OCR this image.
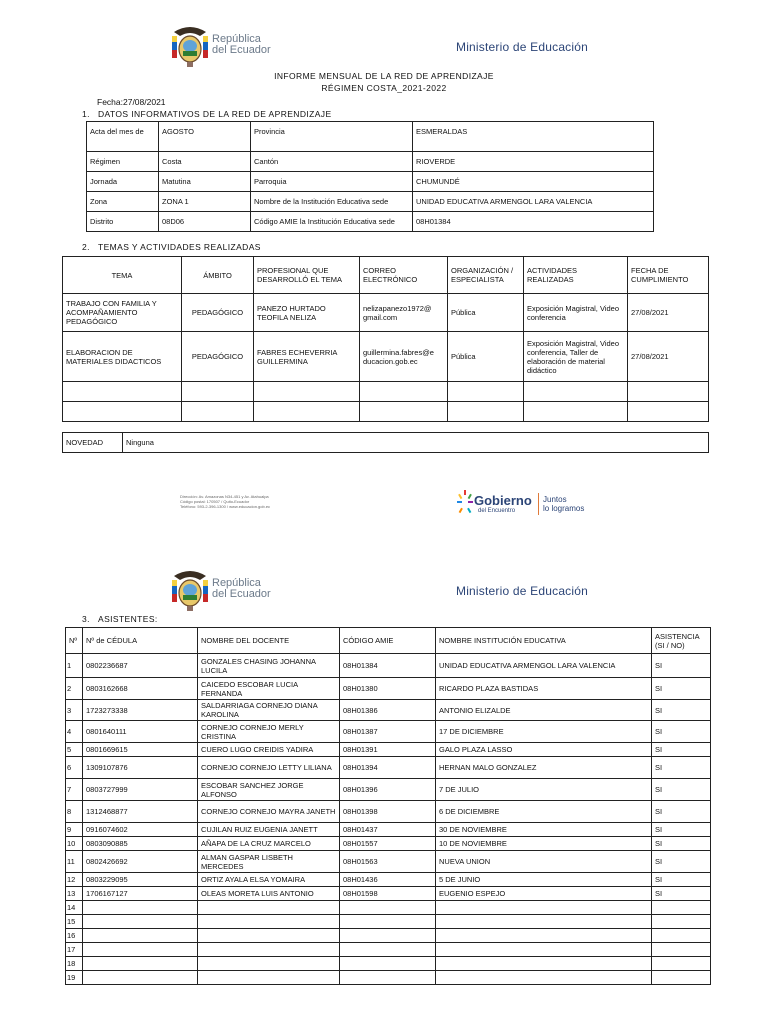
República
del Ecuador	Ministerio de Educación
INFORME MENSUAL DE LA RED DE APRENDIZAJE
RÉGIMEN COSTA_2021-2022
Fecha:27/08/2021
1. DATOS INFORMATIVOS DE LA RED DE APRENDIZAJE
Acta del mes de	AGOSTO	Provincia	ESMERALDAS
Régimen	Costa	Cantón	RIOVERDE
Jornada	Matutina	Parroquia	CHUMUNDÉ
Zona	ZONA 1	Nombre de la Institución Educativa sede	UNIDAD EDUCATIVA ARMENGOL LARA VALENCIA
Distrito	08D06	Código AMIE la Institución Educativa sede	08H01384
2. TEMAS Y ACTIVIDADES REALIZADAS
TEMA	ÁMBITO	PROFESIONAL QUE DESARROLLÓ EL TEMA	CORREO ELECTRÓNICO	ORGANIZACIÓN / ESPECIALISTA	ACTIVIDADES REALIZADAS	FECHA DE CUMPLIMIENTO
TRABAJO CON FAMILIA Y ACOMPAÑAMIENTO PEDAGÓGICO	PEDAGÓGICO	PANEZO HURTADO TEOFILA NELIZA	nelizapanezo1972@ gmail.com	Pública	Exposición Magistral, Video conferencia	27/08/2021
ELABORACION DE MATERIALES DIDACTICOS	PEDAGÓGICO	FABRES ECHEVERRIA GUILLERMINA	guillermina.fabres@e ducacion.gob.ec	Pública	Exposición Magistral, Video conferencia, Taller de elaboración de material didáctico	27/08/2021

NOVEDAD	Ninguna
Dirección: Av. Amazonas N34-451 y Av. Atahualpa
Código postal: 170507 / Quito-Ecuador
Teléfono: 593-2-396-1300 / www.educacion.gob.ec	Gobierno
del Encuentro
Juntos
lo logramos
República
del Ecuador	Ministerio de Educación
3. ASISTENTES:
Nº	Nº de CÉDULA	NOMBRE DEL DOCENTE	CÓDIGO AMIE	NOMBRE INSTITUCIÓN EDUCATIVA	ASISTENCIA (SI / NO)
1	0802236687	GONZALES CHASING JOHANNA LUCILA	08H01384	UNIDAD EDUCATIVA ARMENGOL LARA VALENCIA	SI
2	0803162668	CAICEDO ESCOBAR LUCIA FERNANDA	08H01380	RICARDO PLAZA BASTIDAS	SI
3	1723273338	SALDARRIAGA CORNEJO DIANA KAROLINA	08H01386	ANTONIO ELIZALDE	SI
4	0801640111	CORNEJO CORNEJO MERLY CRISTINA	08H01387	17 DE DICIEMBRE	SI
5	0801669615	CUERO LUGO CREIDIS YADIRA	08H01391	GALO PLAZA LASSO	SI
6	1309107876	CORNEJO CORNEJO LETTY LILIANA	08H01394	HERNAN MALO GONZALEZ	SI
7	0803727999	ESCOBAR SANCHEZ JORGE ALFONSO	08H01396	7 DE JULIO	SI
8	1312468877	CORNEJO CORNEJO MAYRA JANETH	08H01398	6 DE DICIEMBRE	SI
9	0916074602	CUJILAN RUIZ EUGENIA JANETT	08H01437	30 DE NOVIEMBRE	SI
10	0803090885	AÑAPA DE LA CRUZ MARCELO	08H01557	10 DE NOVIEMBRE	SI
11	0802426692	ALMAN GASPAR LISBETH MERCEDES	08H01563	NUEVA UNION	SI
12	0803229095	ORTIZ AYALA ELSA YOMAIRA	08H01436	5 DE JUNIO	SI
13	1706167127	OLEAS MORETA LUIS ANTONIO	08H01598	EUGENIO ESPEJO	SI
14					
15					
16					
17					
18					
19					
